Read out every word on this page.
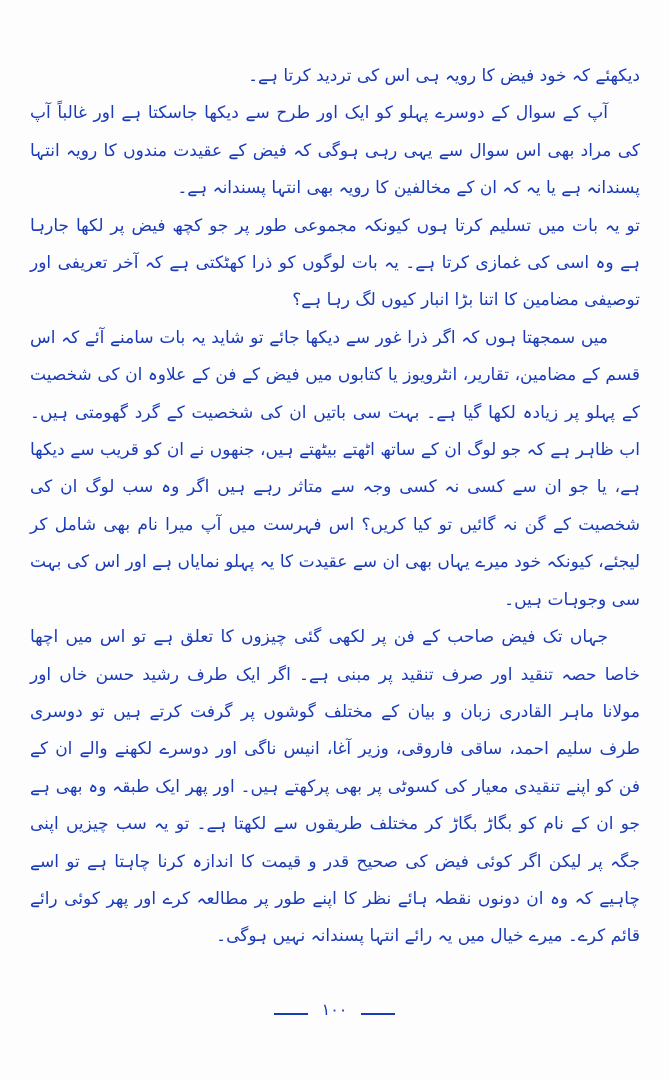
دیکھئے کہ خود فیض کا رویہ ہی اس کی تردید کرتا ہے۔

آپ کے سوال کے دوسرے پہلو کو ایک اور طرح سے دیکھا جاسکتا ہے اور غالباً آپ کی مراد بھی اس سوال سے یہی رہی ہوگی کہ فیض کے عقیدت مندوں کا رویہ انتہا پسندانہ ہے یا یہ کہ ان کے مخالفین کا رویہ بھی انتہا پسندانہ ہے۔

تو یہ بات میں تسلیم کرتا ہوں کیونکہ مجموعی طور پر جو کچھ فیض پر لکھا جارہا ہے وہ اسی کی غمازی کرتا ہے۔ یہ بات لوگوں کو ذرا کھٹکتی ہے کہ آخر تعریفی اور توصیفی مضامین کا اتنا بڑا انبار کیوں لگ رہا ہے؟

میں سمجھتا ہوں کہ اگر ذرا غور سے دیکھا جائے تو شاید یہ بات سامنے آئے کہ اس قسم کے مضامین، تقاریر، انٹرویوز یا کتابوں میں فیض کے فن کے علاوہ ان کی شخصیت کے پہلو پر زیادہ لکھا گیا ہے۔ بہت سی باتیں ان کی شخصیت کے گرد گھومتی ہیں۔ اب ظاہر ہے کہ جو لوگ ان کے ساتھ اٹھتے بیٹھتے ہیں، جنھوں نے ان کو قریب سے دیکھا ہے، یا جو ان سے کسی نہ کسی وجہ سے متاثر رہے ہیں اگر وہ سب لوگ ان کی شخصیت کے گن نہ گائیں تو کیا کریں؟ اس فہرست میں آپ میرا نام بھی شامل کر لیجئے، کیونکہ خود میرے یہاں بھی ان سے عقیدت کا یہ پہلو نمایاں ہے اور اس کی بہت سی وجوہات ہیں۔

جہاں تک فیض صاحب کے فن پر لکھی گئی چیزوں کا تعلق ہے تو اس میں اچھا خاصا حصہ تنقید اور صرف تنقید پر مبنی ہے۔ اگر ایک طرف رشید حسن خاں اور مولانا ماہر القادری زبان و بیان کے مختلف گوشوں پر گرفت کرتے ہیں تو دوسری طرف سلیم احمد، ساقی فاروقی، وزیر آغا، انیس ناگی اور دوسرے لکھنے والے ان کے فن کو اپنے تنقیدی معیار کی کسوٹی پر بھی پرکھتے ہیں۔ اور پھر ایک طبقہ وہ بھی ہے جو ان کے نام کو بگاڑ بگاڑ کر مختلف طریقوں سے لکھتا ہے۔ تو یہ سب چیزیں اپنی جگہ پر لیکن اگر کوئی فیض کی صحیح قدر و قیمت کا اندازہ کرنا چاہتا ہے تو اسے چاہیے کہ وہ ان دونوں نقطہ ہائے نظر کا اپنے طور پر مطالعہ کرے اور پھر کوئی رائے قائم کرے۔ میرے خیال میں یہ رائے انتہا پسندانہ نہیں ہوگی۔

۱۰۰
